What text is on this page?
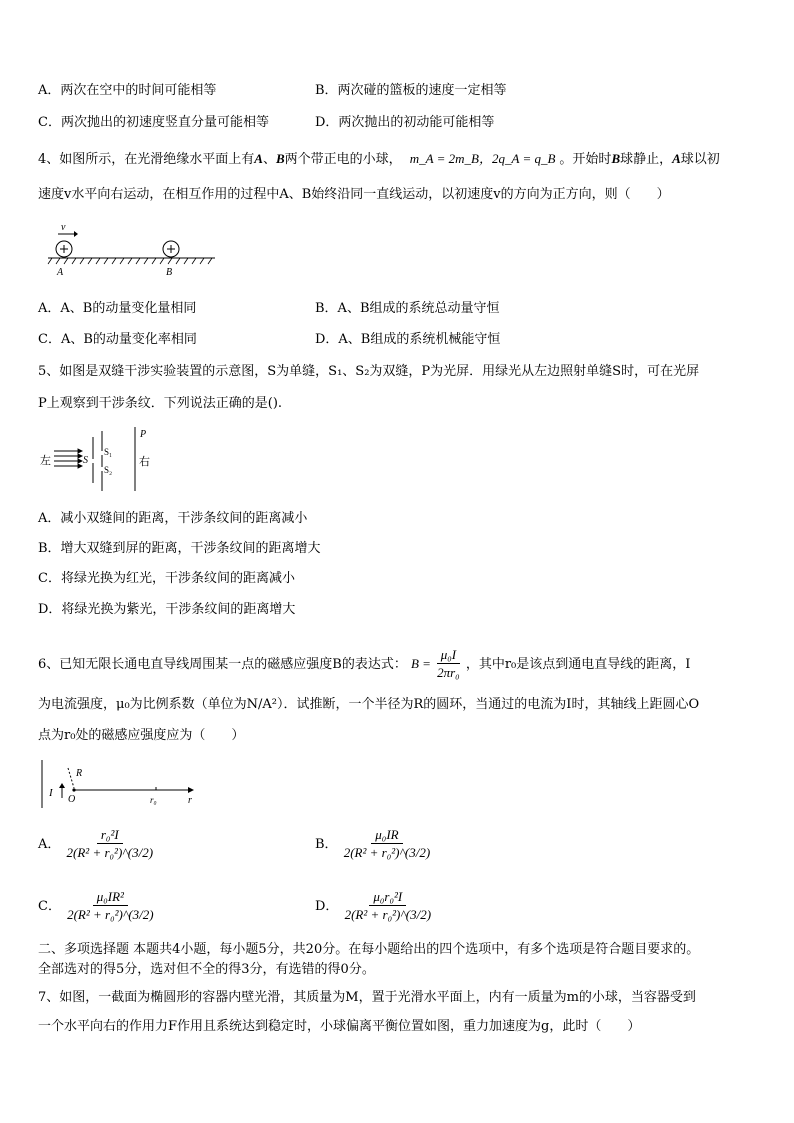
A．两次在空中的时间可能相等	B．两次碰的篮板的速度一定相等
C．两次抛出的初速度竖直分量可能相等	D．两次抛出的初动能可能相等
4、如图所示，在光滑绝缘水平面上有A、B两个带正电的小球， m_A = 2m_B，2q_A = q_B 。开始时B球静止，A球以初
速度v水平向右运动，在相互作用的过程中A、B始终沿同一直线运动，以初速度v的方向为正方向，则（　　）
v
A	B
A．A、B的动量变化量相同	B．A、B组成的系统总动量守恒
C．A、B的动量变化率相同	D．A、B组成的系统机械能守恒
5、如图是双缝干涉实验装置的示意图，S为单缝，S₁、S₂为双缝，P为光屏．用绿光从左边照射单缝S时，可在光屏
P上观察到干涉条纹．下列说法正确的是().
左	S
S₁
S₂
P
右
A．减小双缝间的距离，干涉条纹间的距离减小
B．增大双缝到屏的距离，干涉条纹间的距离增大
C．将绿光换为红光，干涉条纹间的距离减小
D．将绿光换为紫光，干涉条纹间的距离增大
6、已知无限长通电直导线周围某一点的磁感应强度B的表达式： $B = \frac{\text{μ₀I}}{\text{2πr₀}}$ ，其中r₀是该点到通电直导线的距离，I
为电流强度，μ₀为比例系数（单位为N/A²）．试推断，一个半径为R的圆环，当通过的电流为I时，其轴线上距圆心O
点为r₀处的磁感应强度应为（　　）
R
I
O	r₀	r
A． $\frac{\text{r₀²I}}{\text{2(R² + r₀²)\textasciicircum{}(3/2)}}$	B． $\frac{\text{μ₀IR}}{\text{2(R² + r₀²)\textasciicircum{}(3/2)}}$
C． $\frac{\text{μ₀IR²}}{\text{2(R² + r₀²)\textasciicircum{}(3/2)}}$	D． $\frac{\text{μ₀r₀²I}}{\text{2(R² + r₀²)\textasciicircum{}(3/2)}}$
二、多项选择题 本题共4小题，每小题5分，共20分。在每小题给出的四个选项中，有多个选项是符合题目要求的。
全部选对的得5分，选对但不全的得3分，有选错的得0分。
7、如图，一截面为椭圆形的容器内壁光滑，其质量为M，置于光滑水平面上，内有一质量为m的小球，当容器受到
一个水平向右的作用力F作用且系统达到稳定时，小球偏离平衡位置如图，重力加速度为g，此时（　　）
